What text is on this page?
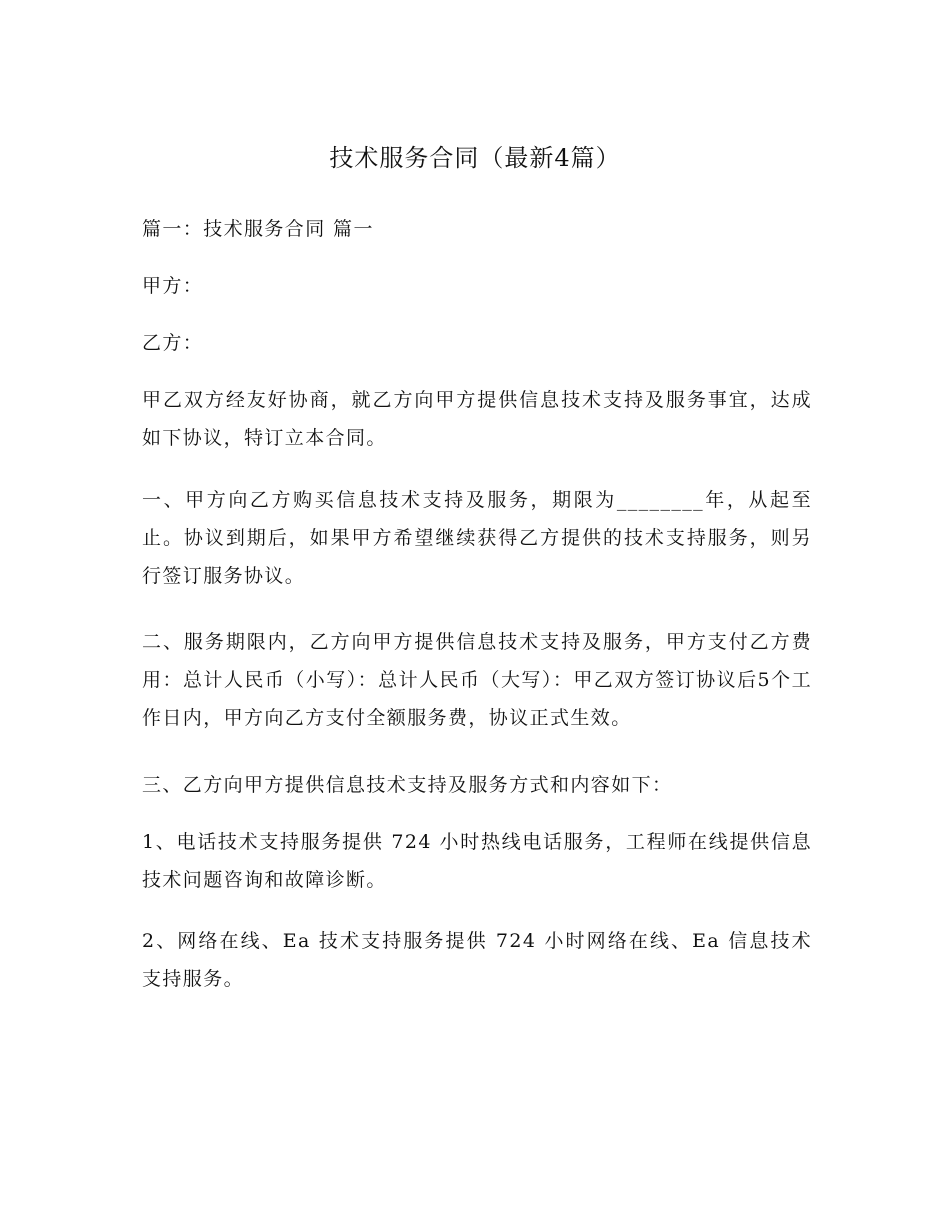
技术服务合同（最新4篇）

篇一：技术服务合同 篇一

甲方：

乙方：

甲乙双方经友好协商，就乙方向甲方提供信息技术支持及服务事宜，达成如下协议，特订立本合同。

一、甲方向乙方购买信息技术支持及服务，期限为________年，从起至止。协议到期后，如果甲方希望继续获得乙方提供的技术支持服务，则另行签订服务协议。

二、服务期限内，乙方向甲方提供信息技术支持及服务，甲方支付乙方费用：总计人民币（小写）：总计人民币（大写）：甲乙双方签订协议后5个工作日内，甲方向乙方支付全额服务费，协议正式生效。

三、乙方向甲方提供信息技术支持及服务方式和内容如下：

1、电话技术支持服务提供 724 小时热线电话服务，工程师在线提供信息技术问题咨询和故障诊断。

2、网络在线、Ea 技术支持服务提供 724 小时网络在线、Ea 信息技术支持服务。
